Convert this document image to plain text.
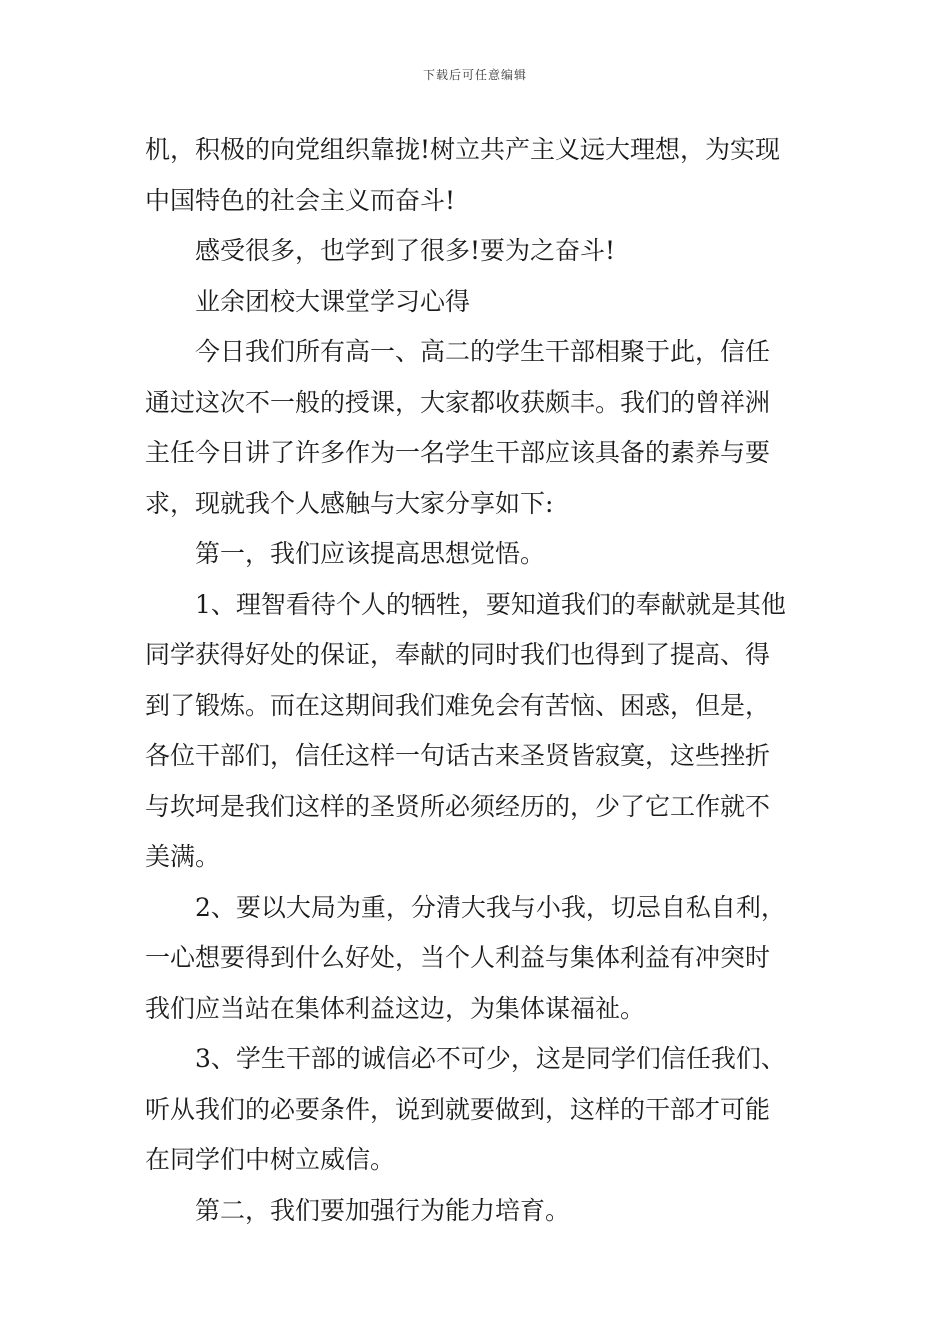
下载后可任意编辑
机，积极的向党组织靠拢!树立共产主义远大理想，为实现
中国特色的社会主义而奋斗!
感受很多，也学到了很多!要为之奋斗!
业余团校大课堂学习心得
今日我们所有高一、高二的学生干部相聚于此，信任
通过这次不一般的授课，大家都收获颇丰。我们的曾祥洲
主任今日讲了许多作为一名学生干部应该具备的素养与要
求，现就我个人感触与大家分享如下:
第一，我们应该提高思想觉悟。
1、理智看待个人的牺牲，要知道我们的奉献就是其他
同学获得好处的保证，奉献的同时我们也得到了提高、得
到了锻炼。而在这期间我们难免会有苦恼、困惑，但是，
各位干部们，信任这样一句话古来圣贤皆寂寞，这些挫折
与坎坷是我们这样的圣贤所必须经历的，少了它工作就不
美满。
2、要以大局为重，分清大我与小我，切忌自私自利，
一心想要得到什么好处，当个人利益与集体利益有冲突时
我们应当站在集体利益这边，为集体谋福祉。
3、学生干部的诚信必不可少，这是同学们信任我们、
听从我们的必要条件，说到就要做到，这样的干部才可能
在同学们中树立威信。
第二，我们要加强行为能力培育。
